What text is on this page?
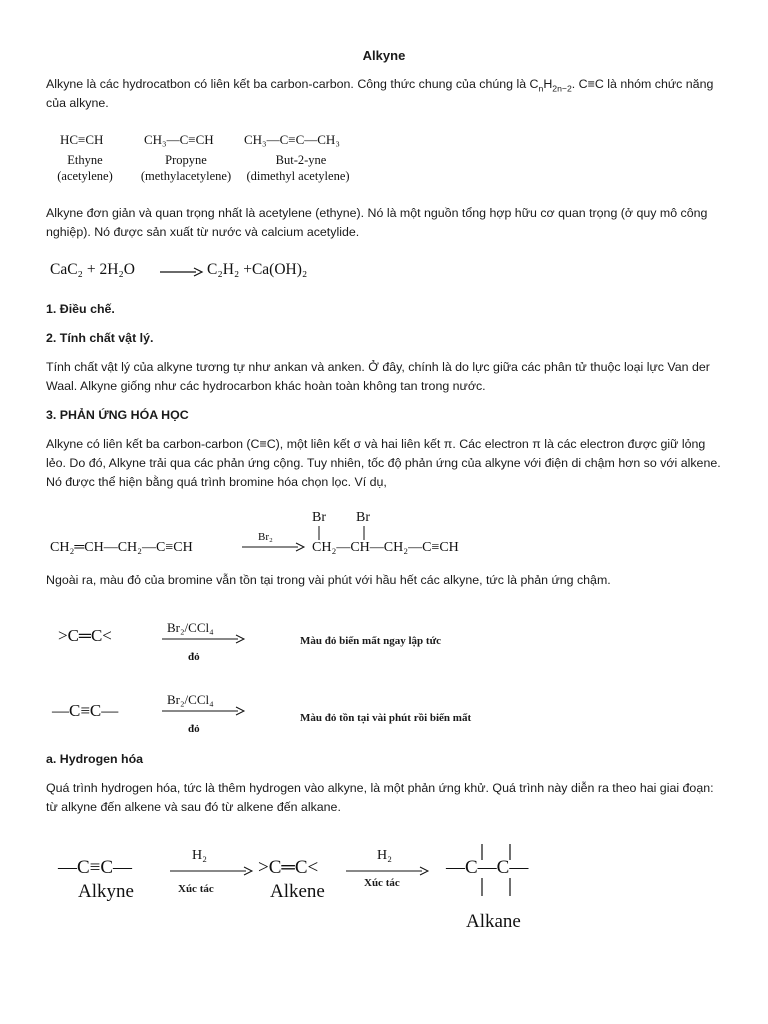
Alkyne
Alkyne là các hydrocatbon có liên kết ba carbon-carbon. Công thức chung của chúng là $C_nH_{2n-2}$. C≡C là nhóm chức năng của alkyne.
HC≡CH
Ethyne
(acetylene)
CH₃—C≡CH
Propyne
(methylacetylene)
CH₃—C≡C—CH₃
But-2-yne
(dimethyl acetylene)
Alkyne đơn giản và quan trọng nhất là acetylene (ethyne). Nó là một nguồn tổng hợp hữu cơ quan trọng (ở quy mô công nghiệp). Nó được sản xuất từ nước và calcium acetylide.
CaC₂ + 2H₂O	C₂H₂ +Ca(OH)₂
1. Điều chế.
2. Tính chất vật lý.
Tính chất vật lý của alkyne tương tự như ankan và anken. Ở đây, chính là do lực giữa các phân tử thuộc loại lực Van der Waal. Alkyne giống như các hydrocarbon khác hoàn toàn không tan trong nước.
3. PHẢN ỨNG HÓA HỌC
Alkyne có liên kết ba carbon-carbon (C≡C), một liên kết σ và hai liên kết π. Các electron π là các electron được giữ lỏng lẻo. Do đó, Alkyne trải qua các phản ứng cộng. Tuy nhiên, tốc độ phản ứng của alkyne với điện di chậm hơn so với alkene. Nó được thể hiện bằng quá trình bromine hóa chọn lọc. Ví dụ,
CH₂═CH—CH₂—C≡CH
Br₂
Br Br
CH₂—CH—CH₂—C≡CH
Ngoài ra, màu đỏ của bromine vẫn tồn tại trong vài phút với hầu hết các alkyne, tức là phản ứng chậm.
>C═C<	Br₂/CCl₄
đỏ
Màu đỏ biến mất ngay lập tức
—C≡C—
Br₂/CCl₄
đỏ
Màu đỏ tồn tại vài phút rồi biến mất
a. Hydrogen hóa
Quá trình hydrogen hóa, tức là thêm hydrogen vào alkyne, là một phản ứng khử. Quá trình này diễn ra theo hai giai đoạn: từ alkyne đến alkene và sau đó từ alkene đến alkane.
—C≡C—
Alkyne
H₂
Xúc tác
>C═C<
Alkene
H₂
Xúc tác
—C—C—
Alkane
